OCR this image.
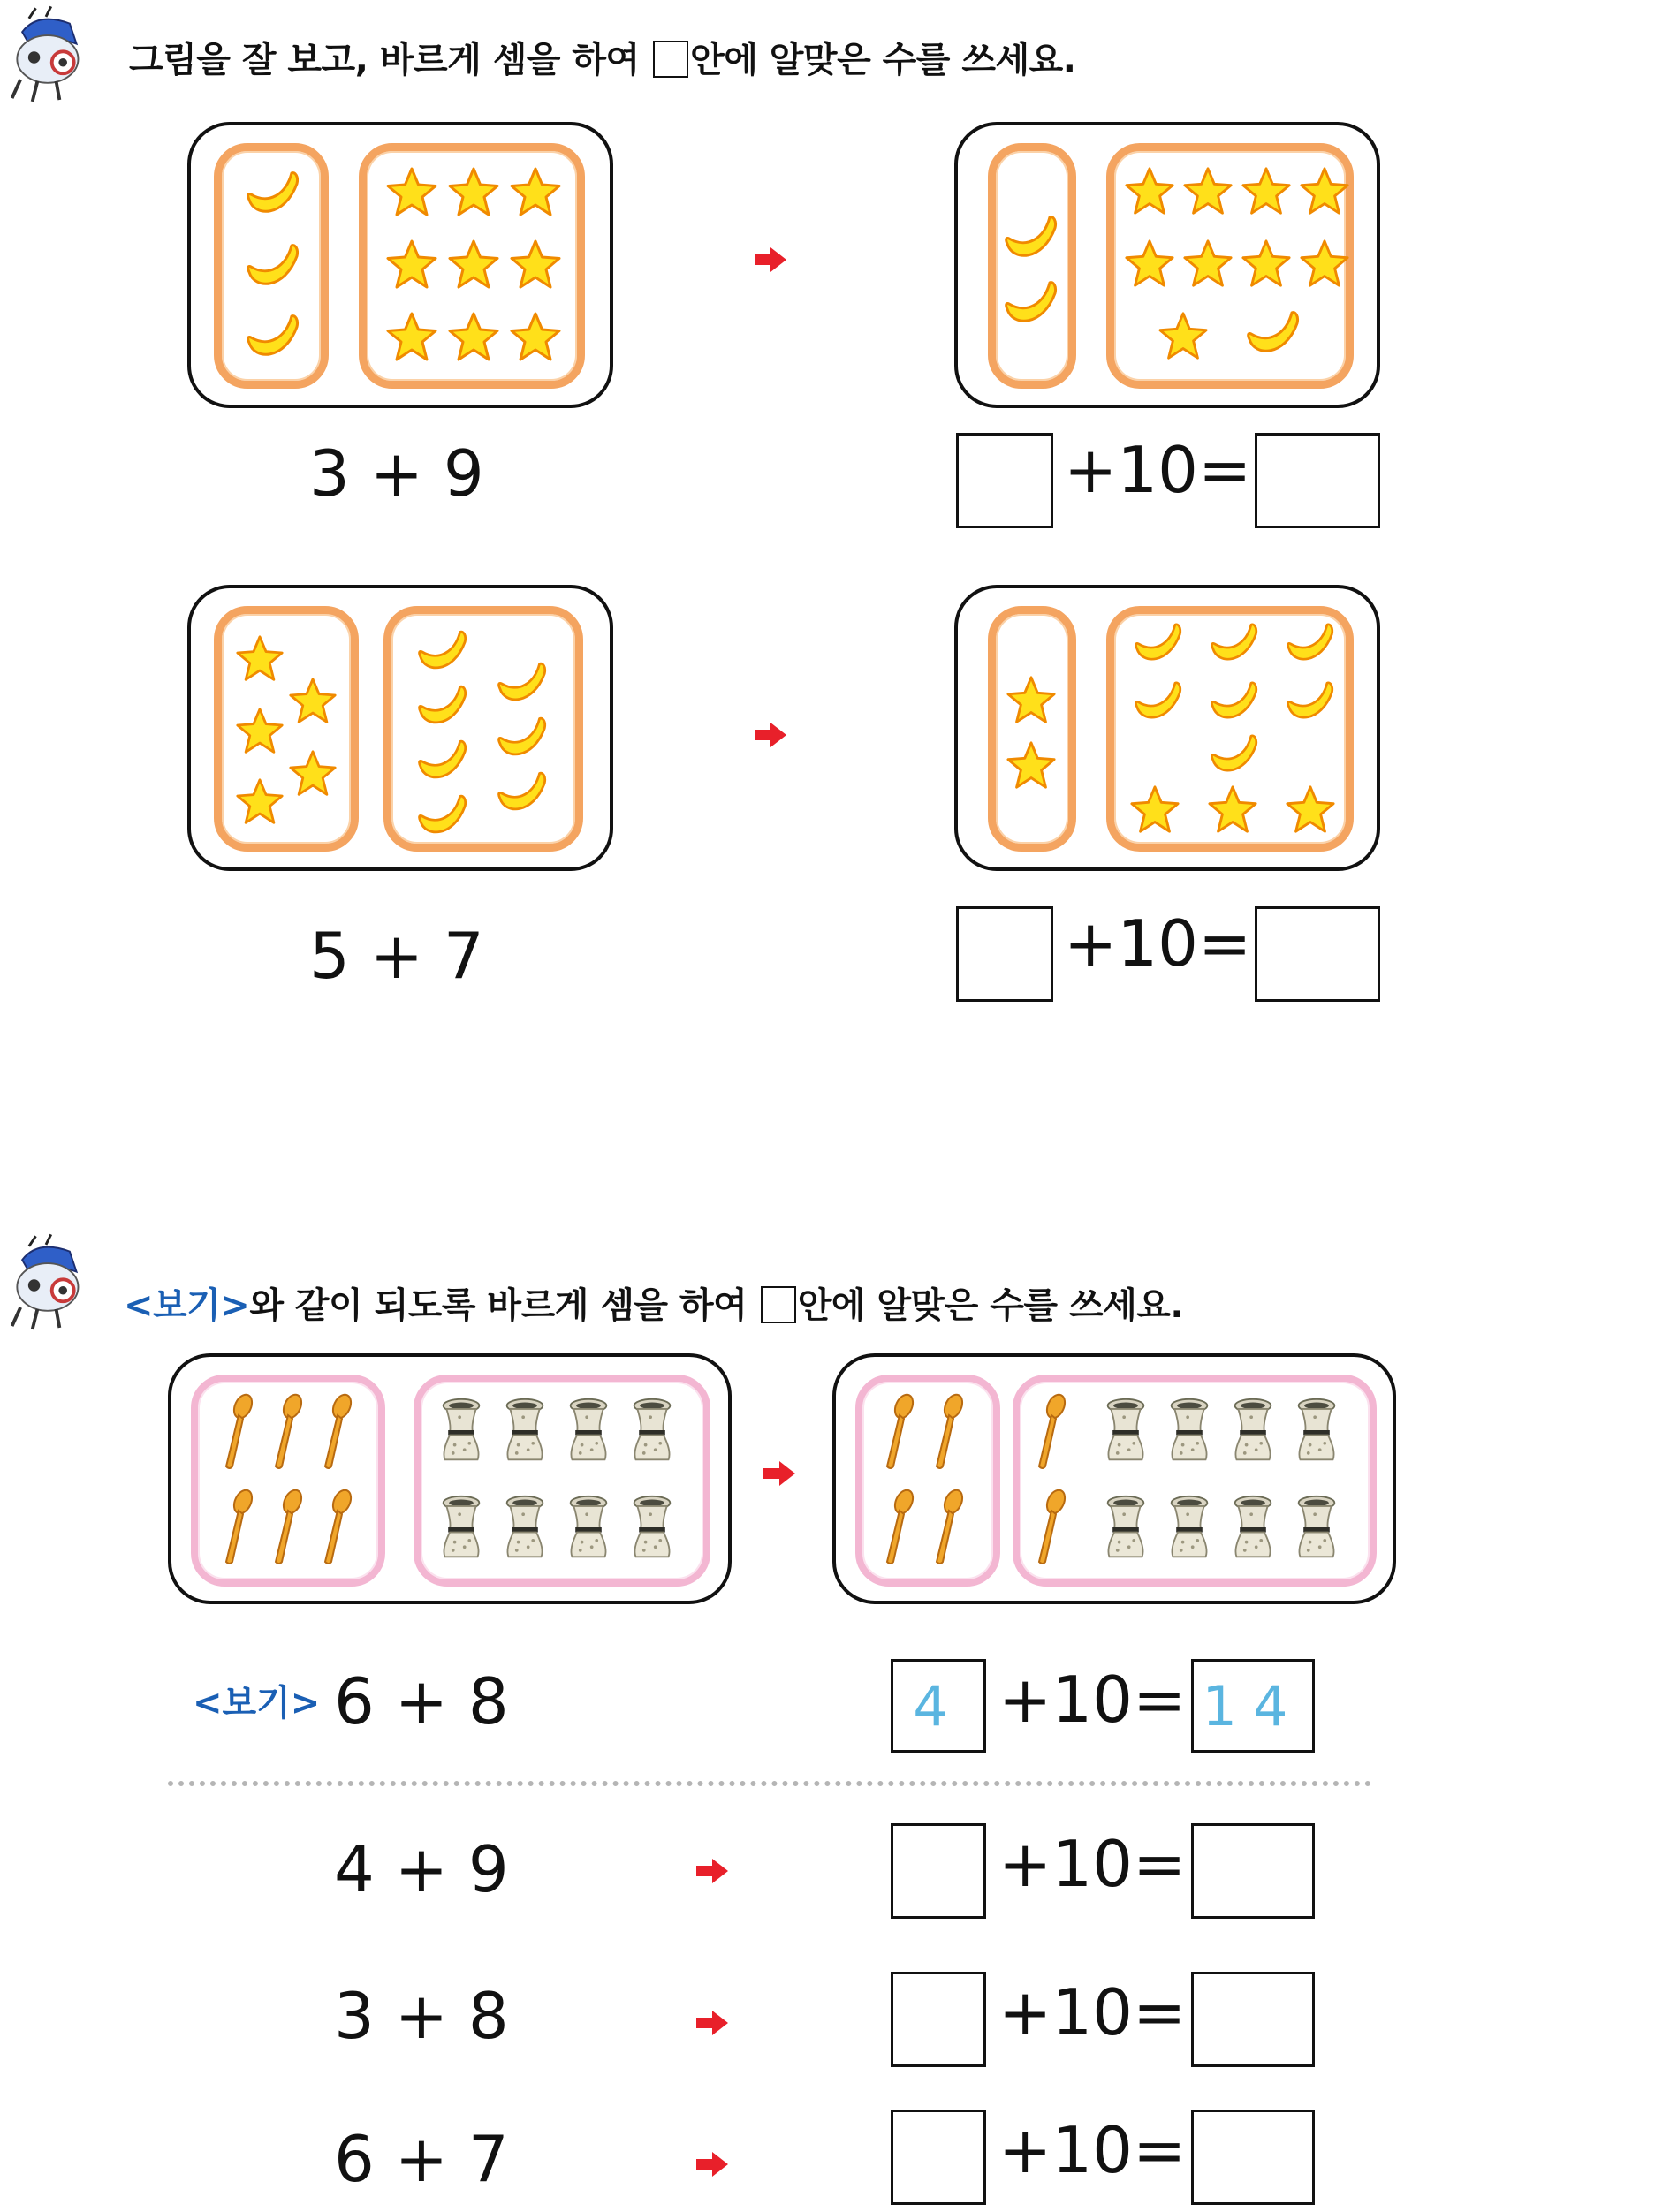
그림을 잘 보고, 바르게 셈을 하여 안에 알맞은 수를 쓰세요.
3 + 9	+10=
5 + 7	+10=
<보기>와 같이 되도록 바르게 셈을 하여 안에 알맞은 수를 쓰세요.
<보기> 6 + 8	4 +10= 14
4 + 9	+10=
3 + 8	+10=
6 + 7	+10=
